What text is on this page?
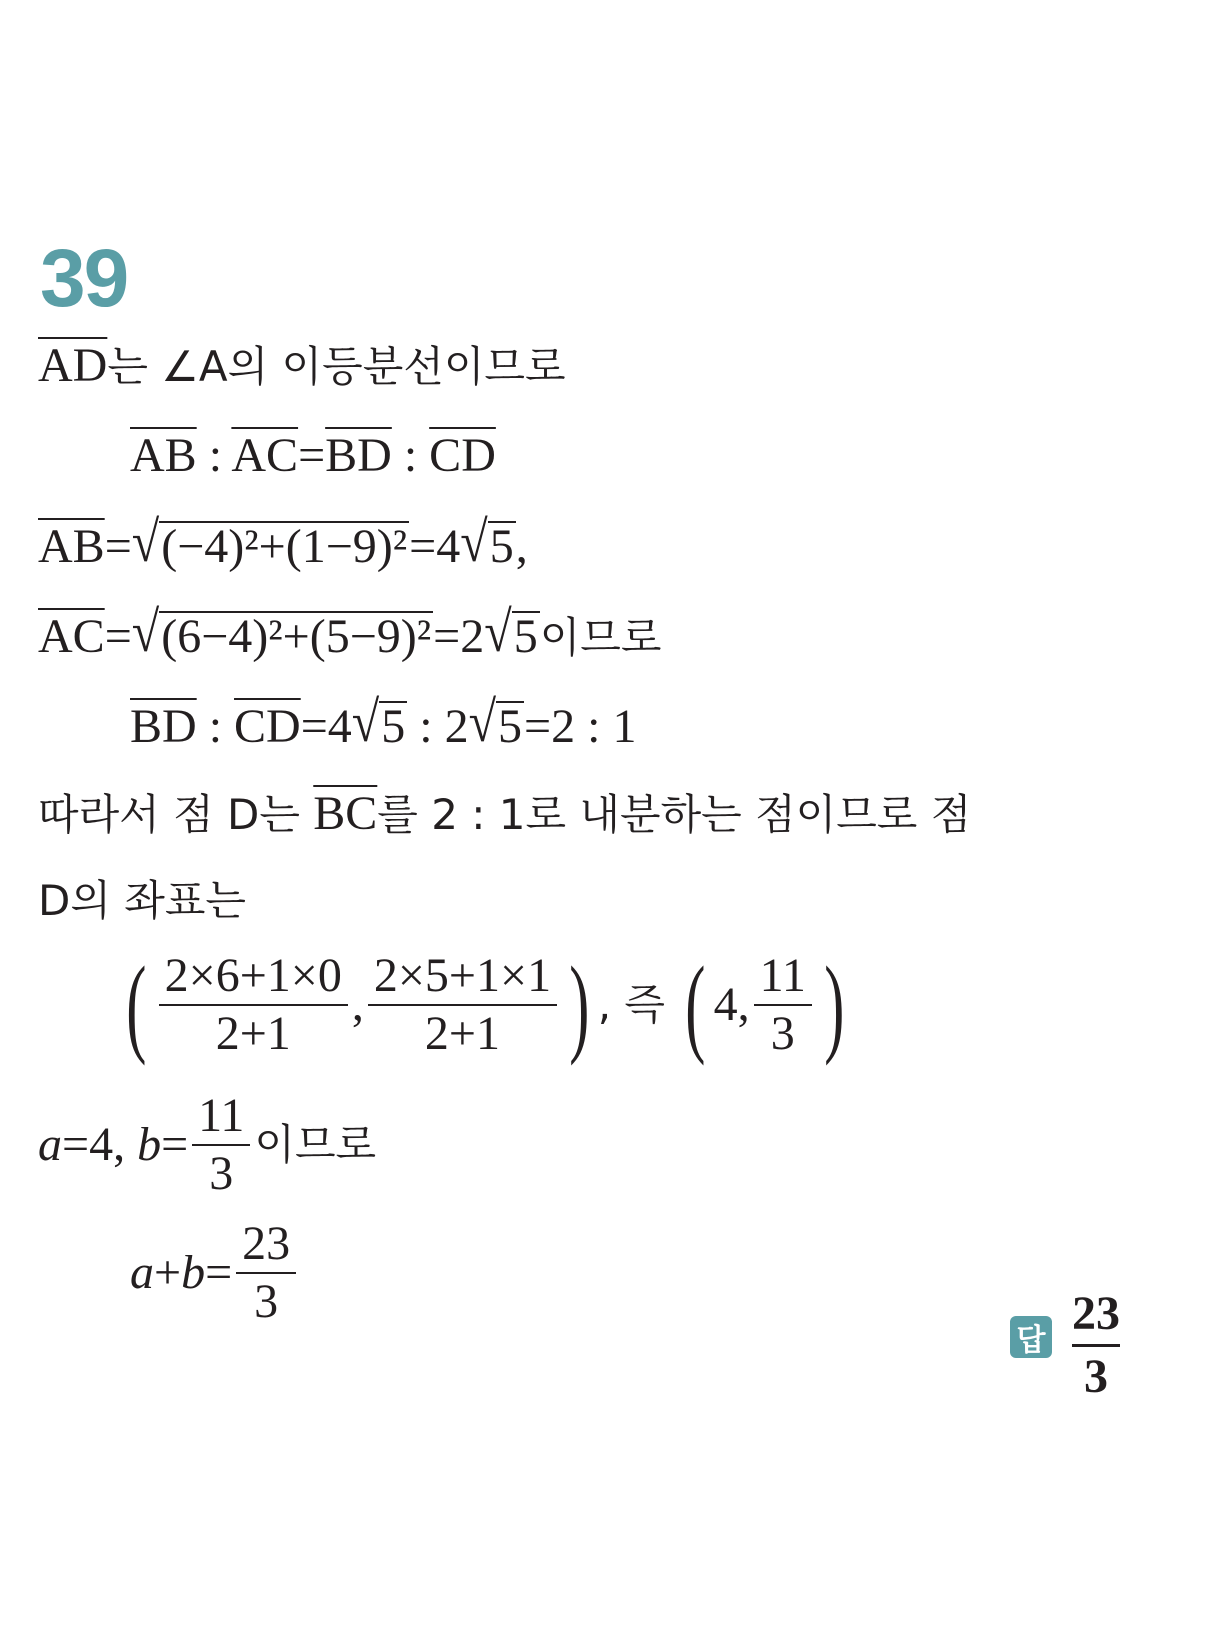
39
$\overline{AD}$는 ∠A의 이등분선이므로
$\overline{AB}$ : $\overline{AC}=\overline{BD}$ : $\overline{CD}$
$\overline{AB}=√(-4)^2+(1-9)^2=4√5$,
$\overline{AC}=√(6-4)^2+(5-9)^2=2√5$이므로
$\overline{BD}$ : $\overline{CD}=4√5$ : 2√5=2 : 1
따라서 점 D는 $\overline{BC}$를 2 : 1로 내분하는 점이므로 점
D의 좌표는
( $\frac{2\times 6+1\times 0}{2+1}$ , $\frac{2\times 5+1\times 1}{2+1}$ ) , 즉 ( 4, $\frac{11}{3}$ )
a=4, $b= \frac{11}{3}$ 이므로
$a+b= \frac{23}{3}$
답
23
3
